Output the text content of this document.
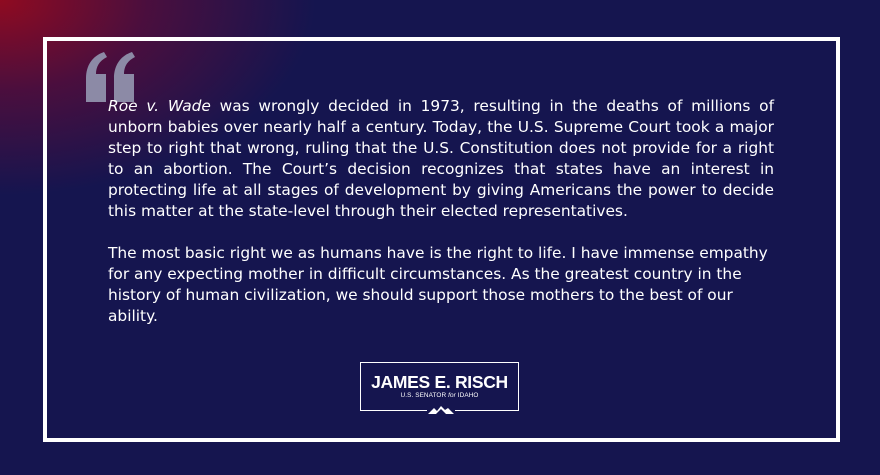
Roe v. Wade was wrongly decided in 1973, resulting in the deaths of millions of unborn babies over nearly half a century. Today, the U.S. Supreme Court took a major step to right that wrong, ruling that the U.S. Constitution does not provide for a right to an abortion. The Court’s decision recognizes that states have an interest in protecting life at all stages of development by giving Americans the power to decide this matter at the state-level through their elected representatives.

The most basic right we as humans have is the right to life. I have immense empathy for any expecting mother in difficult circumstances. As the greatest country in the history of human civilization, we should support those mothers to the best of our ability.

JAMES E. RISCH
U.S. SENATOR for IDAHO
